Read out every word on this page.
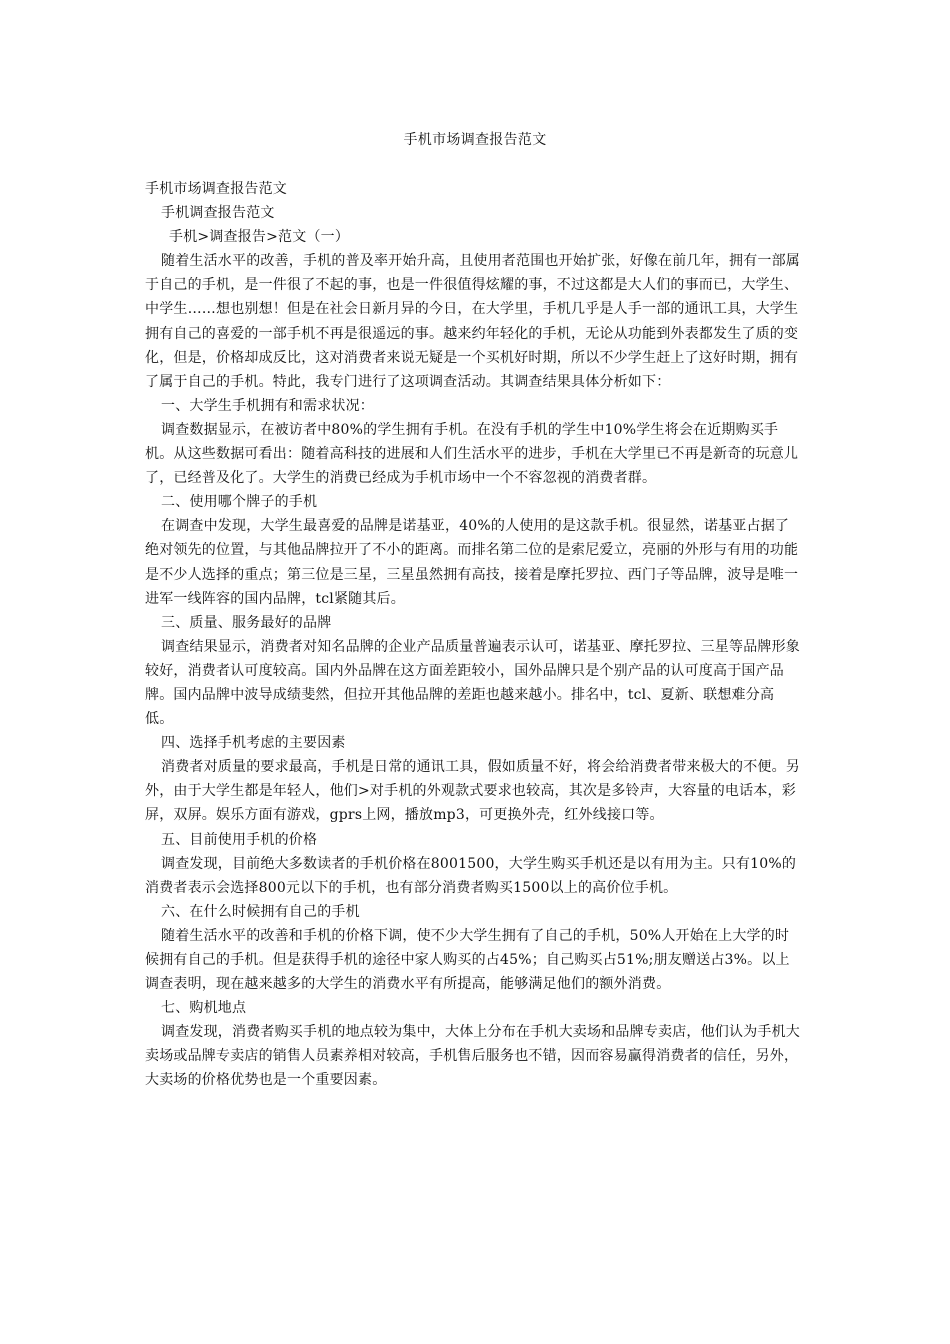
手机市场调查报告范文

手机市场调查报告范文

手机调查报告范文

手机>调查报告>范文（一）

随着生活水平的改善，手机的普及率开始升高，且使用者范围也开始扩张，好像在前几年，拥有一部属于自己的手机，是一件很了不起的事，也是一件很值得炫耀的事，不过这都是大人们的事而已，大学生、中学生……想也别想！但是在社会日新月异的今日，在大学里，手机几乎是人手一部的通讯工具，大学生拥有自己的喜爱的一部手机不再是很遥远的事。越来约年轻化的手机，无论从功能到外表都发生了质的变化，但是，价格却成反比，这对消费者来说无疑是一个买机好时期，所以不少学生赶上了这好时期，拥有了属于自己的手机。特此，我专门进行了这项调查活动。其调查结果具体分析如下：

一、大学生手机拥有和需求状况：

调查数据显示，在被访者中80%的学生拥有手机。在没有手机的学生中10%学生将会在近期购买手机。从这些数据可看出：随着高科技的进展和人们生活水平的进步，手机在大学里已不再是新奇的玩意儿了，已经普及化了。大学生的消费已经成为手机市场中一个不容忽视的消费者群。

二、使用哪个牌子的手机

在调查中发现，大学生最喜爱的品牌是诺基亚，40%的人使用的是这款手机。很显然，诺基亚占据了绝对领先的位置，与其他品牌拉开了不小的距离。而排名第二位的是索尼爱立，亮丽的外形与有用的功能是不少人选择的重点；第三位是三星，三星虽然拥有高技，接着是摩托罗拉、西门子等品牌，波导是唯一进军一线阵容的国内品牌，tcl紧随其后。

三、质量、服务最好的品牌

调查结果显示，消费者对知名品牌的企业产品质量普遍表示认可，诺基亚、摩托罗拉、三星等品牌形象较好，消费者认可度较高。国内外品牌在这方面差距较小，国外品牌只是个别产品的认可度高于国产品牌。国内品牌中波导成绩斐然，但拉开其他品牌的差距也越来越小。排名中，tcl、夏新、联想难分高低。

四、选择手机考虑的主要因素

消费者对质量的要求最高，手机是日常的通讯工具，假如质量不好，将会给消费者带来极大的不便。另外，由于大学生都是年轻人，他们>对手机的外观款式要求也较高，其次是多铃声，大容量的电话本，彩屏，双屏。娱乐方面有游戏，gprs上网，播放mp3，可更换外壳，红外线接口等。

五、目前使用手机的价格

调查发现，目前绝大多数读者的手机价格在8001500，大学生购买手机还是以有用为主。只有10%的消费者表示会选择800元以下的手机，也有部分消费者购买1500以上的高价位手机。

六、在什么时候拥有自己的手机

随着生活水平的改善和手机的价格下调，使不少大学生拥有了自己的手机，50%人开始在上大学的时候拥有自己的手机。但是获得手机的途径中家人购买的占45%；自己购买占51%;朋友赠送占3%。以上调查表明，现在越来越多的大学生的消费水平有所提高，能够满足他们的额外消费。

七、购机地点

调查发现，消费者购买手机的地点较为集中，大体上分布在手机大卖场和品牌专卖店，他们认为手机大卖场或品牌专卖店的销售人员素养相对较高，手机售后服务也不错，因而容易赢得消费者的信任，另外，大卖场的价格优势也是一个重要因素。
